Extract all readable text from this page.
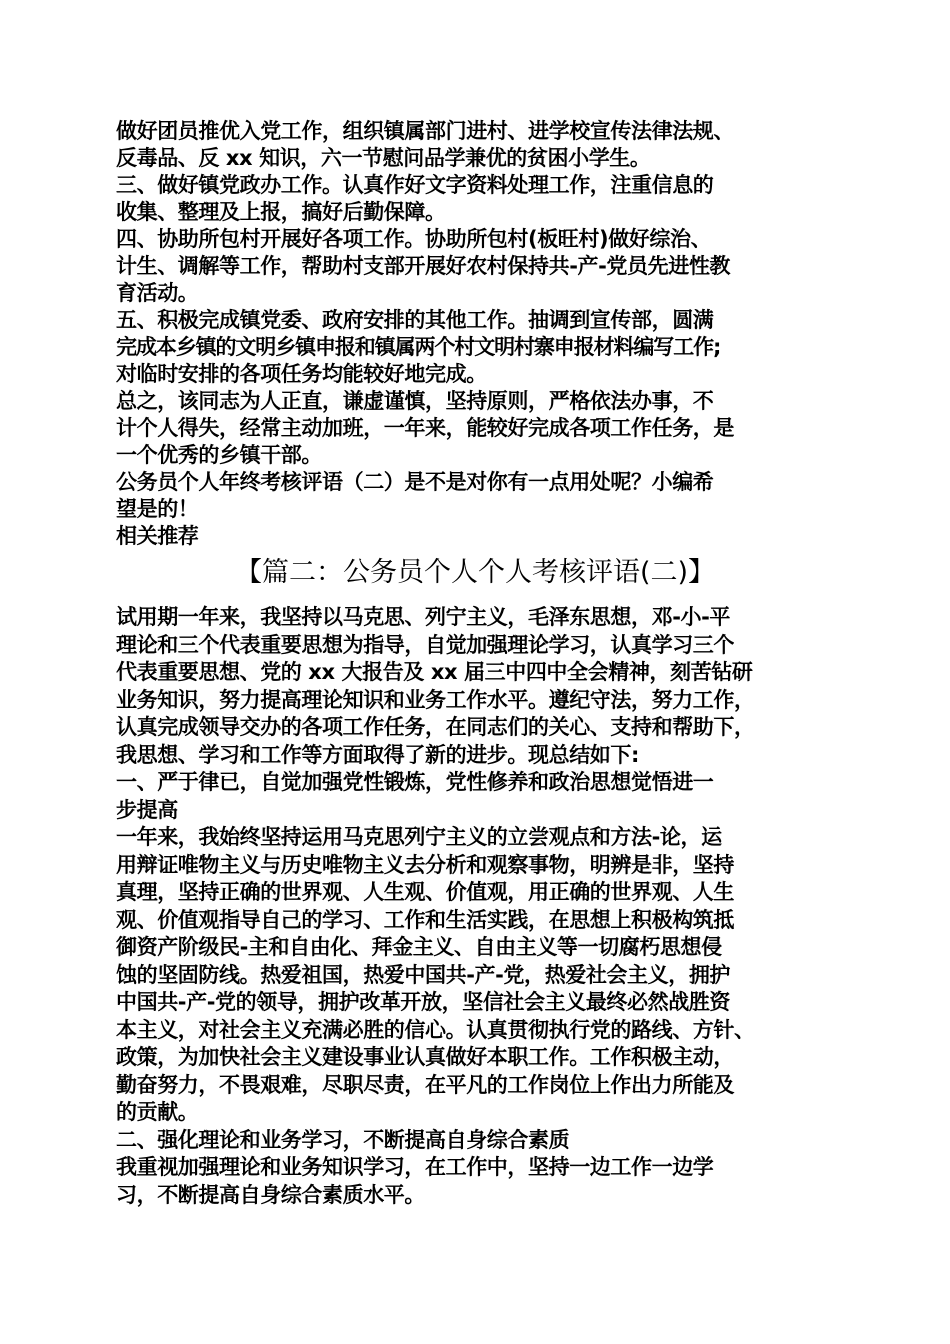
做好团员推优入党工作，组织镇属部门进村、进学校宣传法律法规、
反毒品、反 xx 知识，六一节慰问品学兼优的贫困小学生。
三、做好镇党政办工作。认真作好文字资料处理工作，注重信息的
收集、整理及上报，搞好后勤保障。
四、协助所包村开展好各项工作。协助所包村(板旺村)做好综治、
计生、调解等工作，帮助村支部开展好农村保持共-产-党员先进性教
育活动。
五、积极完成镇党委、政府安排的其他工作。抽调到宣传部，圆满
完成本乡镇的文明乡镇申报和镇属两个村文明村寨申报材料编写工作;
对临时安排的各项任务均能较好地完成。
总之，该同志为人正直，谦虚谨慎，坚持原则，严格依法办事，不
计个人得失，经常主动加班，一年来，能较好完成各项工作任务，是
一个优秀的乡镇干部。
公务员个人年终考核评语（二）是不是对你有一点用处呢？小编希
望是的！
相关推荐
【篇二：公务员个人个人考核评语(二)】
试用期一年来，我坚持以马克思、列宁主义，毛泽东思想，邓-小-平
理论和三个代表重要思想为指导，自觉加强理论学习，认真学习三个
代表重要思想、党的 xx 大报告及 xx 届三中四中全会精神，刻苦钻研
业务知识，努力提高理论知识和业务工作水平。遵纪守法，努力工作，
认真完成领导交办的各项工作任务，在同志们的关心、支持和帮助下，
我思想、学习和工作等方面取得了新的进步。现总结如下:
一、严于律已，自觉加强党性锻炼，党性修养和政治思想觉悟进一
步提高
一年来，我始终坚持运用马克思列宁主义的立尝观点和方法-论，运
用辩证唯物主义与历史唯物主义去分析和观察事物，明辨是非，坚持
真理，坚持正确的世界观、人生观、价值观，用正确的世界观、人生
观、价值观指导自己的学习、工作和生活实践，在思想上积极构筑抵
御资产阶级民-主和自由化、拜金主义、自由主义等一切腐朽思想侵
蚀的坚固防线。热爱祖国，热爱中国共-产-党，热爱社会主义，拥护
中国共-产-党的领导，拥护改革开放，坚信社会主义最终必然战胜资
本主义，对社会主义充满必胜的信心。认真贯彻执行党的路线、方针、
政策，为加快社会主义建设事业认真做好本职工作。工作积极主动，
勤奋努力，不畏艰难，尽职尽责，在平凡的工作岗位上作出力所能及
的贡献。
二、强化理论和业务学习，不断提高自身综合素质
我重视加强理论和业务知识学习，在工作中，坚持一边工作一边学
习，不断提高自身综合素质水平。
